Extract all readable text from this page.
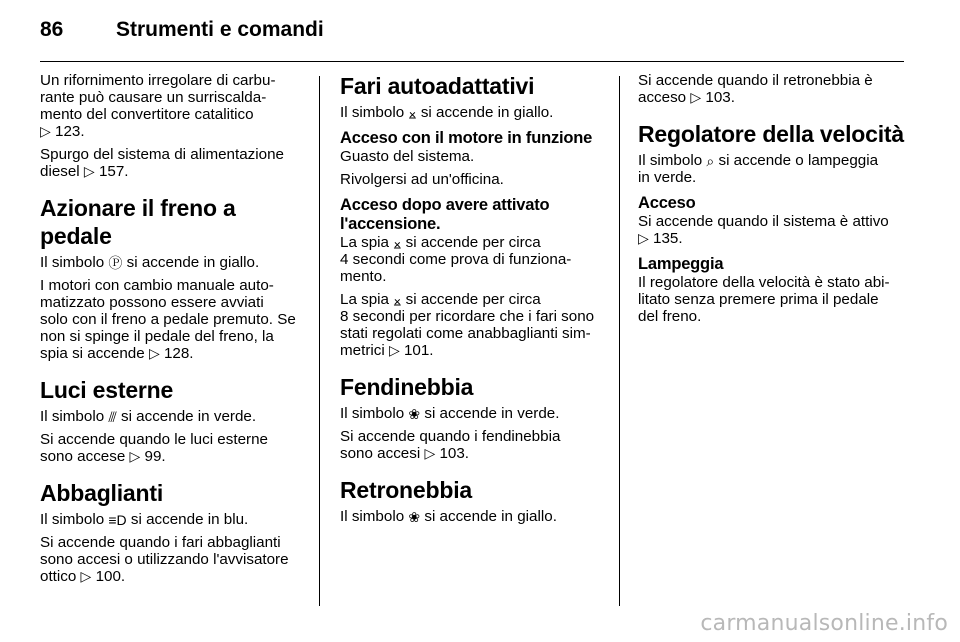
86	Strumenti e comandi

Un rifornimento irregolare di carbu-
rante può causare un surriscalda-
mento del convertitore catalitico
▷ 123.

Spurgo del sistema di alimentazione
diesel ▷ 157.

Azionare il freno a pedale

Il simbolo Ⓟ si accende in giallo.

I motori con cambio manuale auto-
matizzato possono essere avviati
solo con il freno a pedale premuto. Se
non si spinge il pedale del freno, la
spia si accende ▷ 128.

Luci esterne

Il simbolo ⫻ si accende in verde.

Si accende quando le luci esterne
sono accese ▷ 99.

Abbaglianti

Il simbolo ≡D si accende in blu.

Si accende quando i fari abbaglianti
sono accesi o utilizzando l'avvisatore
ottico ▷ 100.

Fari autoadattativi

Il simbolo ⨱ si accende in giallo.

Acceso con il motore in funzione

Guasto del sistema.

Rivolgersi ad un'officina.

Acceso dopo avere attivato
l'accensione.

La spia ⨱ si accende per circa
4 secondi come prova di funziona-
mento.

La spia ⨱ si accende per circa
8 secondi per ricordare che i fari sono
stati regolati come anabbaglianti sim-
metrici ▷ 101.

Fendinebbia

Il simbolo ❀ si accende in verde.

Si accende quando i fendinebbia
sono accesi ▷ 103.

Retronebbia

Il simbolo ❀ si accende in giallo.

Si accende quando il retronebbia è
acceso ▷ 103.

Regolatore della velocità

Il simbolo ⌕ si accende o lampeggia
in verde.

Acceso

Si accende quando il sistema è attivo
▷ 135.

Lampeggia

Il regolatore della velocità è stato abi-
litato senza premere prima il pedale
del freno.

carmanualsonline.info
